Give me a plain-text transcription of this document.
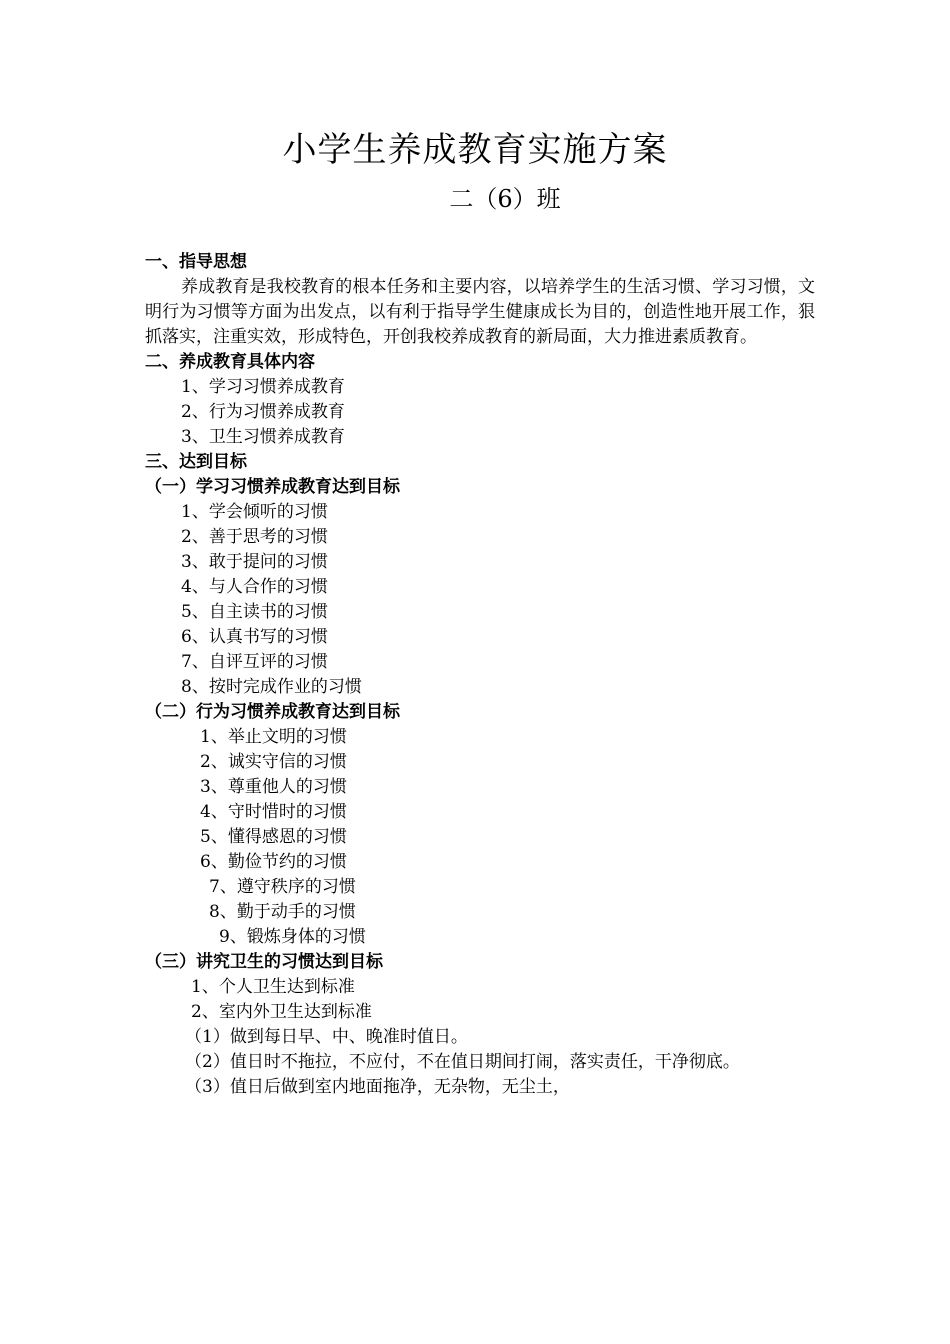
小学生养成教育实施方案
二（6）班
一、指导思想
养成教育是我校教育的根本任务和主要内容，以培养学生的生活习惯、学习习惯，文明行为习惯等方面为出发点，以有利于指导学生健康成长为目的，创造性地开展工作，狠抓落实，注重实效，形成特色，开创我校养成教育的新局面，大力推进素质教育。
二、养成教育具体内容
1、学习习惯养成教育
2、行为习惯养成教育
3、卫生习惯养成教育
三、达到目标
（一）学习习惯养成教育达到目标
1、学会倾听的习惯
2、善于思考的习惯
3、敢于提问的习惯
4、与人合作的习惯
5、自主读书的习惯
6、认真书写的习惯
7、自评互评的习惯
8、按时完成作业的习惯
（二）行为习惯养成教育达到目标
1、举止文明的习惯
2、诚实守信的习惯
3、尊重他人的习惯
4、守时惜时的习惯
5、懂得感恩的习惯
6、勤俭节约的习惯
7、遵守秩序的习惯
8、勤于动手的习惯
9、锻炼身体的习惯
（三）讲究卫生的习惯达到目标
1、个人卫生达到标准
2、室内外卫生达到标准
（1）做到每日早、中、晚准时值日。
（2）值日时不拖拉，不应付，不在值日期间打闹，落实责任，干净彻底。
（3）值日后做到室内地面拖净，无杂物，无尘土，
